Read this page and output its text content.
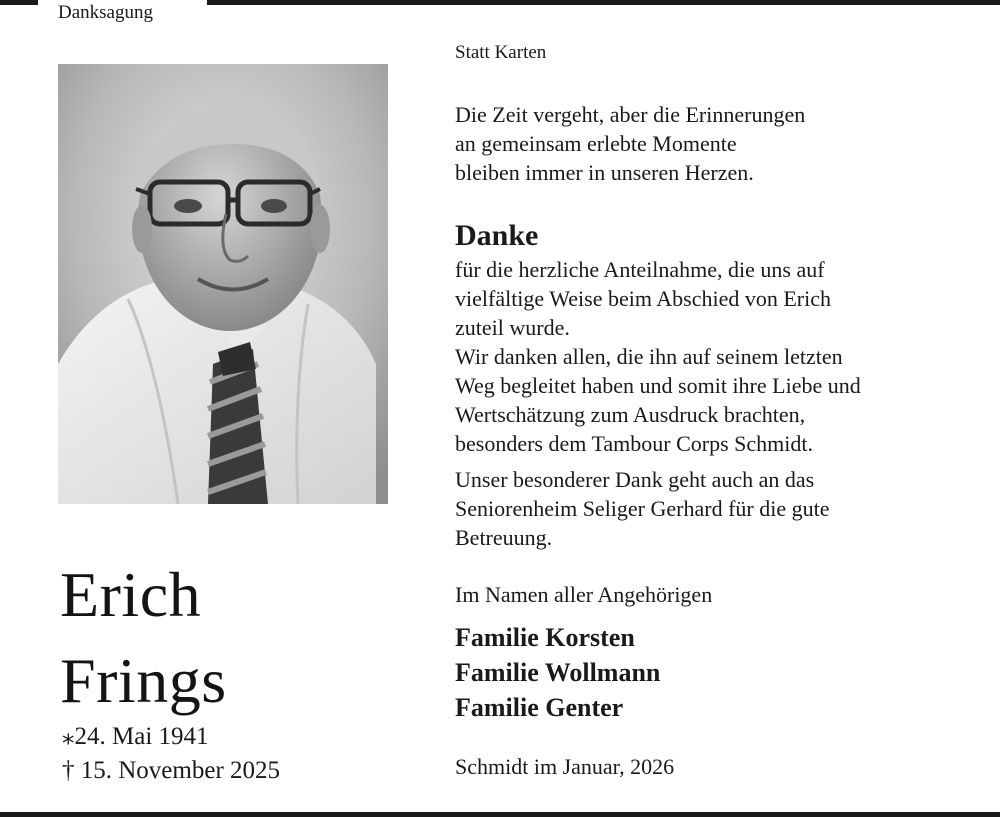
Danksagung
Erich
Frings
⁎24. Mai 1941
† 15. November 2025
Statt Karten
Die Zeit vergeht, aber die Erinnerungen
an gemeinsam erlebte Momente
bleiben immer in unseren Herzen.
Danke
für die herzliche Anteilnahme, die uns auf
vielfältige Weise beim Abschied von Erich
zuteil wurde.
Wir danken allen, die ihn auf seinem letzten
Weg begleitet haben und somit ihre Liebe und
Wertschätzung zum Ausdruck brachten,
besonders dem Tambour Corps Schmidt.
Unser besonderer Dank geht auch an das
Seniorenheim Seliger Gerhard für die gute
Betreuung.
Im Namen aller Angehörigen
Familie Korsten
Familie Wollmann
Familie Genter
Schmidt im Januar, 2026
